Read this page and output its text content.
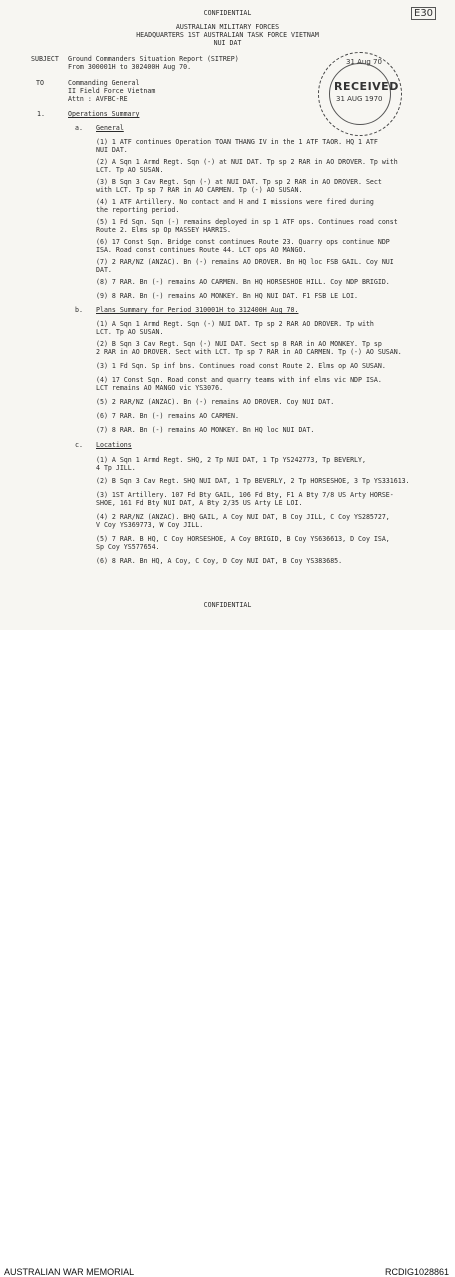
E30
CONFIDENTIAL
AUSTRALIAN MILITARY FORCES
HEADQUARTERS 1ST AUSTRALIAN TASK FORCE VIETNAM
NUI DAT
31 Aug 70
RECEIVED
31 AUG 1970
SUBJECT Ground Commanders Situation Report (SITREP)
From 300001H to 302400H Aug 70.
TO	Commanding General
II Field Force Vietnam
Attn : AVFBC-RE
1.	Operations Summary
a. General
(1) 1 ATF continues Operation TOAN THANG IV in the 1 ATF TAOR. HQ 1 ATF
NUI DAT.
(2) A Sqn 1 Armd Regt. Sqn (-) at NUI DAT. Tp sp 2 RAR in AO DROVER. Tp with
LCT. Tp AO SUSAN.
(3) B Sqn 3 Cav Regt. Sqn (-) at NUI DAT. Tp sp 2 RAR in AO DROVER. Sect
with LCT. Tp sp 7 RAR in AO CARMEN. Tp (-) AO SUSAN.
(4) 1 ATF Artillery. No contact and H and I missions were fired during
the reporting period.
(5) 1 Fd Sqn. Sqn (-) remains deployed in sp 1 ATF ops. Continues road const
Route 2. Elms sp Op MASSEY HARRIS.
(6) 17 Const Sqn. Bridge const continues Route 23. Quarry ops continue NDP
ISA. Road const continues Route 44. LCT ops AO MANGO.
(7) 2 RAR/NZ (ANZAC). Bn (-) remains AO DROVER. Bn HQ loc FSB GAIL. Coy NUI
DAT.
(8) 7 RAR. Bn (-) remains AO CARMEN. Bn HQ HORSESHOE HILL. Coy NDP BRIGID.
(9) 8 RAR. Bn (-) remains AO MONKEY. Bn HQ NUI DAT. F1 FSB LE LOI.
b. Plans Summary for Period 310001H to 312400H Aug 70.
(1) A Sqn 1 Armd Regt. Sqn (-) NUI DAT. Tp sp 2 RAR AO DROVER. Tp with
LCT. Tp AO SUSAN.
(2) B Sqn 3 Cav Regt. Sqn (-) NUI DAT. Sect sp 8 RAR in AO MONKEY. Tp sp
2 RAR in AO DROVER. Sect with LCT. Tp sp 7 RAR in AO CARMEN. Tp (-) AO SUSAN.
(3) 1 Fd Sqn. Sp inf bns. Continues road const Route 2. Elms op AO SUSAN.
(4) 17 Const Sqn. Road const and quarry teams with inf elms vic NDP ISA.
LCT remains AO MANGO vic YS3076.
(5) 2 RAR/NZ (ANZAC). Bn (-) remains AO DROVER. Coy NUI DAT.
(6) 7 RAR. Bn (-) remains AO CARMEN.
(7) 8 RAR. Bn (-) remains AO MONKEY. Bn HQ loc NUI DAT.
c. Locations
(1) A Sqn 1 Armd Regt. SHQ, 2 Tp NUI DAT, 1 Tp YS242773, Tp BEVERLY,
4 Tp JILL.
(2) B Sqn 3 Cav Regt. SHQ NUI DAT, 1 Tp BEVERLY, 2 Tp HORSESHOE, 3 Tp YS331613.
(3) 1ST Artillery. 107 Fd Bty GAIL, 106 Fd Bty, F1 A Bty 7/8 US Arty HORSE-
SHOE, 161 Fd Bty NUI DAT, A Bty 2/35 US Arty LE LOI.
(4) 2 RAR/NZ (ANZAC). BHQ GAIL, A Coy NUI DAT, B Coy JILL, C Coy YS285727,
V Coy YS369773, W Coy JILL.
(5) 7 RAR. B HQ, C Coy HORSESHOE, A Coy BRIGID, B Coy YS636613, D Coy ISA,
Sp Coy YS577654.
(6) 8 RAR. Bn HQ, A Coy, C Coy, D Coy NUI DAT, B Coy YS383685.
CONFIDENTIAL
AUSTRALIAN WAR MEMORIAL	RCDIG1028861
